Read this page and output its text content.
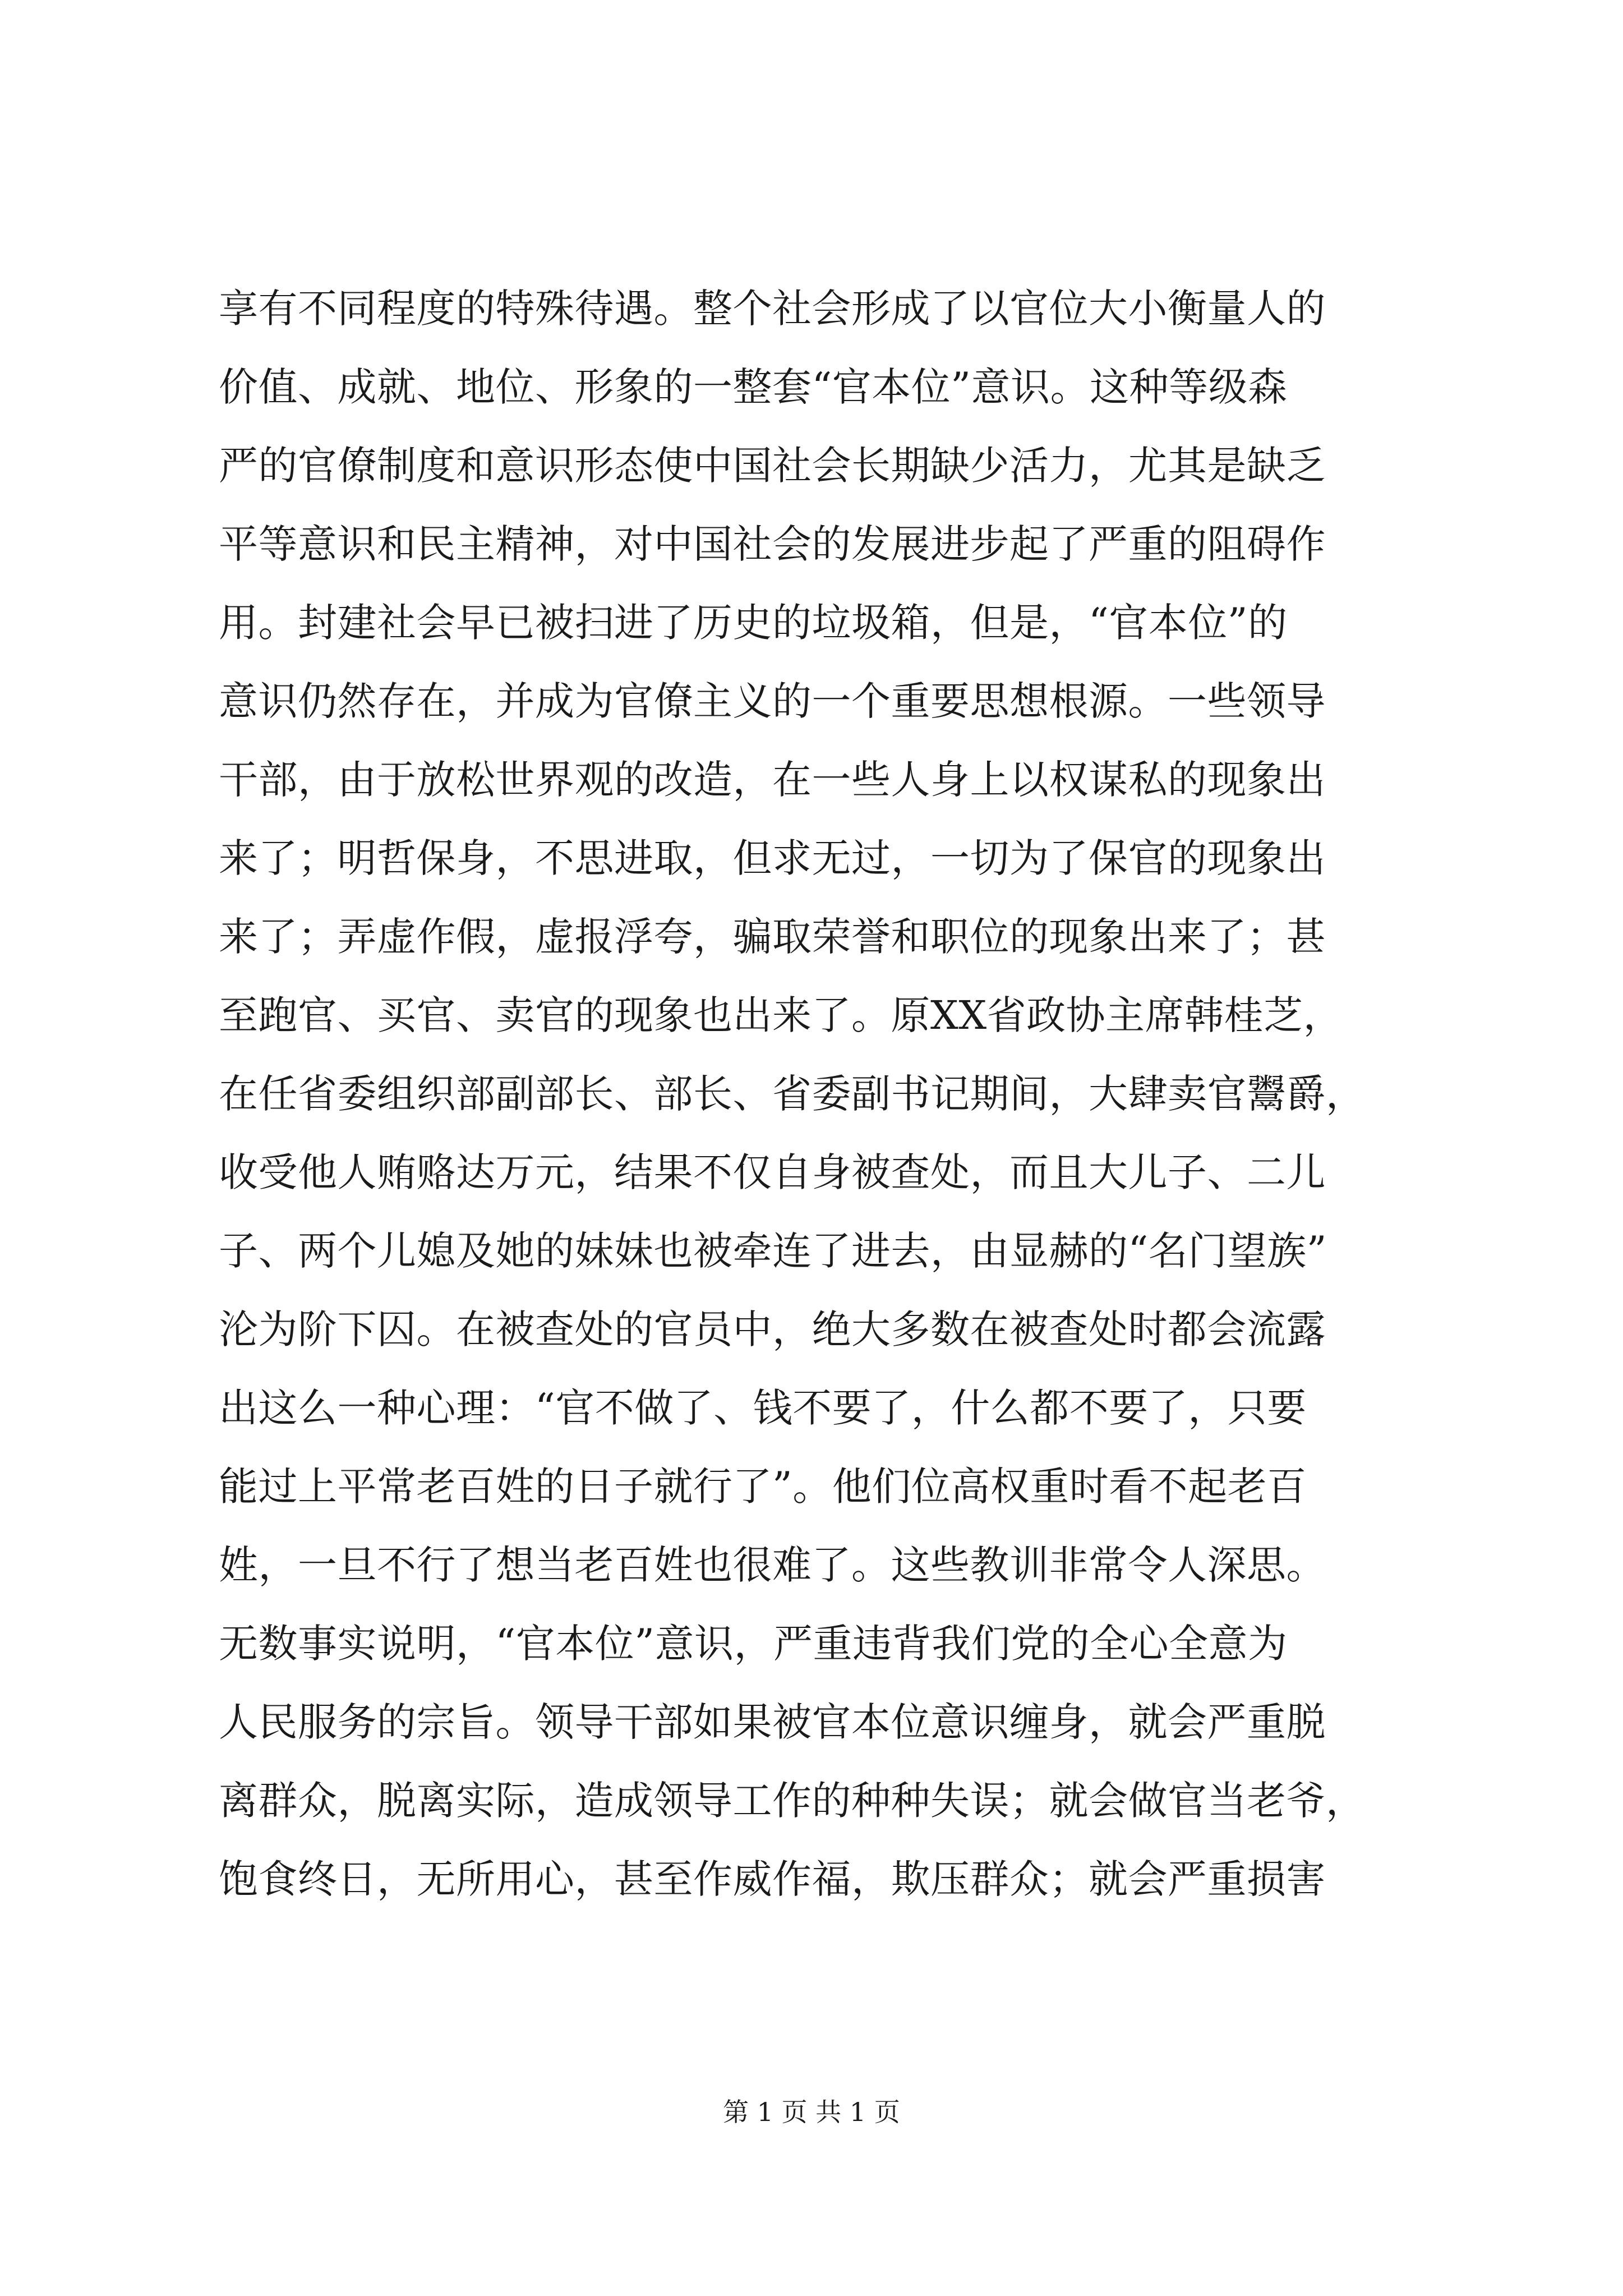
享有不同程度的特殊待遇。整个社会形成了以官位大小衡量人的
价值、成就、地位、形象的一整套“官本位”意识。这种等级森
严的官僚制度和意识形态使中国社会长期缺少活力，尤其是缺乏
平等意识和民主精神，对中国社会的发展进步起了严重的阻碍作
用。封建社会早已被扫进了历史的垃圾箱，但是，“官本位”的
意识仍然存在，并成为官僚主义的一个重要思想根源。一些领导
干部，由于放松世界观的改造，在一些人身上以权谋私的现象出
来了；明哲保身，不思进取，但求无过，一切为了保官的现象出
来了；弄虚作假，虚报浮夸，骗取荣誉和职位的现象出来了；甚
至跑官、买官、卖官的现象也出来了。原XX省政协主席韩桂芝，
在任省委组织部副部长、部长、省委副书记期间，大肆卖官鬻爵，
收受他人贿赂达万元，结果不仅自身被查处，而且大儿子、二儿
子、两个儿媳及她的妹妹也被牵连了进去，由显赫的“名门望族”
沦为阶下囚。在被查处的官员中，绝大多数在被查处时都会流露
出这么一种心理：“官不做了、钱不要了，什么都不要了，只要
能过上平常老百姓的日子就行了”。他们位高权重时看不起老百
姓，一旦不行了想当老百姓也很难了。这些教训非常令人深思。
无数事实说明，“官本位”意识，严重违背我们党的全心全意为
人民服务的宗旨。领导干部如果被官本位意识缠身，就会严重脱
离群众，脱离实际，造成领导工作的种种失误；就会做官当老爷，
饱食终日，无所用心，甚至作威作福，欺压群众；就会严重损害
第 1 页 共 1 页
